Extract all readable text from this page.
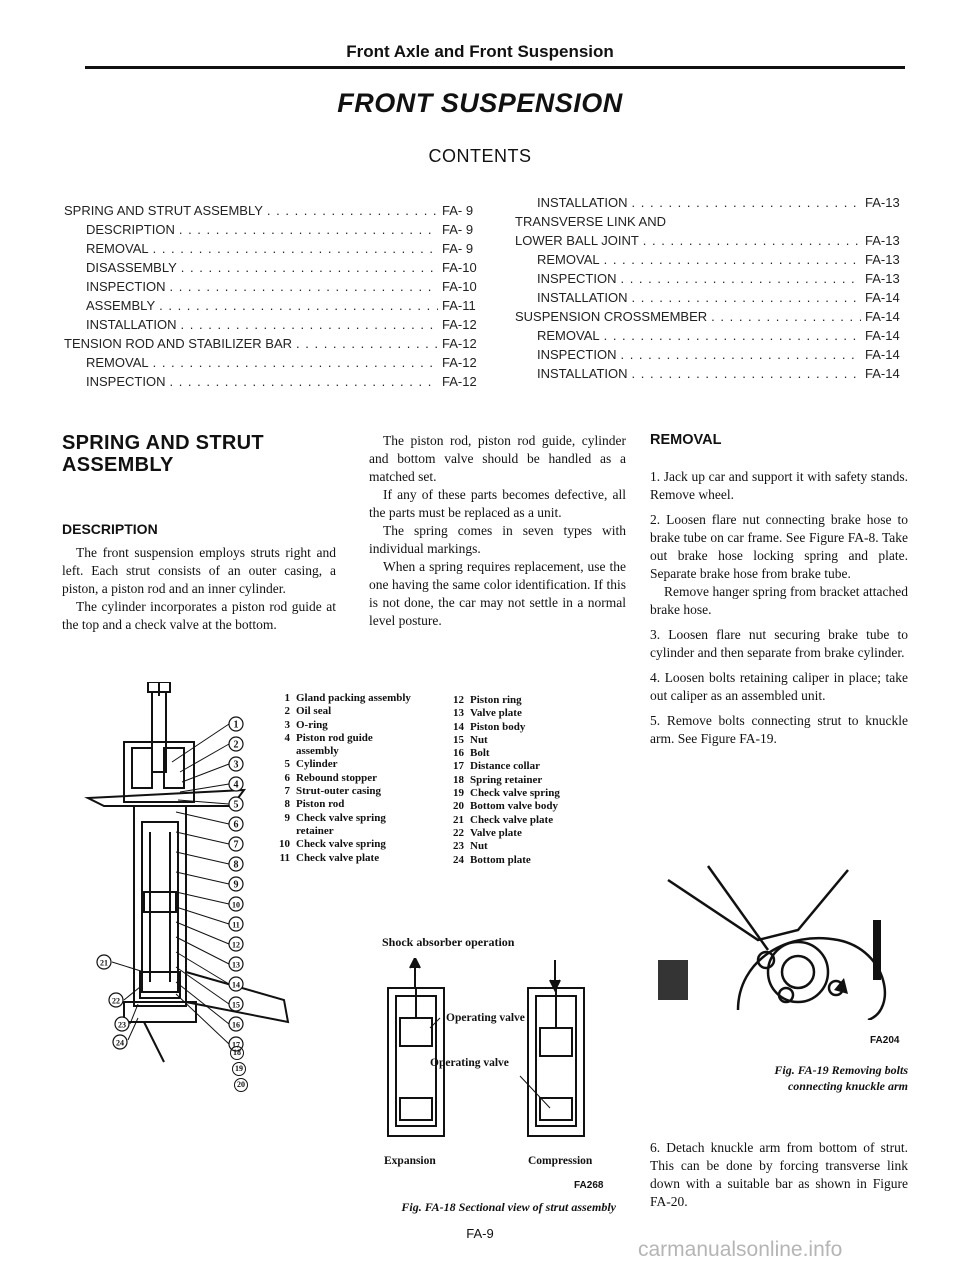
Front Axle and Front Suspension
FRONT SUSPENSION
CONTENTS
SPRING AND STRUT ASSEMBLY . . .	FA- 9
DESCRIPTION . . .	FA- 9
REMOVAL . . .	FA- 9
DISASSEMBLY . . .	FA-10
INSPECTION . . .	FA-10
ASSEMBLY . . .	FA-11
INSTALLATION . . .	FA-12
TENSION ROD AND STABILIZER BAR . . .	FA-12
REMOVAL . . .	FA-12
INSPECTION . . .	FA-12
INSTALLATION . . .	FA-13
TRANSVERSE LINK AND
LOWER BALL JOINT . . .	FA-13
REMOVAL . . .	FA-13
INSPECTION . . .	FA-13
INSTALLATION . . .	FA-14
SUSPENSION CROSSMEMBER . . .	FA-14
REMOVAL . . .	FA-14
INSPECTION . . .	FA-14
INSTALLATION . . .	FA-14
SPRING AND STRUT
ASSEMBLY
DESCRIPTION

The front suspension employs struts right and left. Each strut consists of an outer casing, a piston, a piston rod and an inner cylinder.

The cylinder incorporates a piston rod guide at the top and a check valve at the bottom.

The piston rod, piston rod guide, cylinder and bottom valve should be handled as a matched set.

If any of these parts becomes defective, all the parts must be replaced as a unit.

The spring comes in seven types with individual markings.

When a spring requires replacement, use the one having the same color identification. If this is not done, the car may not settle in a normal level posture.

1 Gland packing assembly
2 Oil seal
3 O-ring
4 Piston rod guide
assembly
5 Cylinder
6 Rebound stopper
7 Strut-outer casing
8 Piston rod
9 Check valve spring
retainer
10 Check valve spring
11 Check valve plate
12 Piston ring
13 Valve plate
14 Piston body
15 Nut
16 Bolt
17 Distance collar
18 Spring retainer
19 Check valve spring
20 Bottom valve body
21 Check valve plate
22 Valve plate
23 Nut
24 Bottom plate
1
2
3
4
5
6
7
8
9
10
11
12
13
14
15
16
17
21
22
23
24
18
19
20
Shock absorber operation
Operating valve
Operating valve
Expansion	Compression
FA268
Fig. FA-18 Sectional view of strut assembly
REMOVAL

1. Jack up car and support it with safety stands. Remove wheel.

2. Loosen flare nut connecting brake hose to brake tube on car frame. See Figure FA-8. Take out brake hose locking spring and plate. Separate brake hose from brake tube.

Remove hanger spring from bracket attached brake hose.

3. Loosen flare nut securing brake tube to cylinder and then separate from brake cylinder.

4. Loosen bolts retaining caliper in place; take out caliper as an assembled unit.

5. Remove bolts connecting strut to knuckle arm. See Figure FA-19.

FA204
Fig. FA-19 Removing bolts
connecting knuckle arm
6. Detach knuckle arm from bottom of strut. This can be done by forcing transverse link down with a suitable bar as shown in Figure FA-20.
FA-9
carmanualsonline.info
